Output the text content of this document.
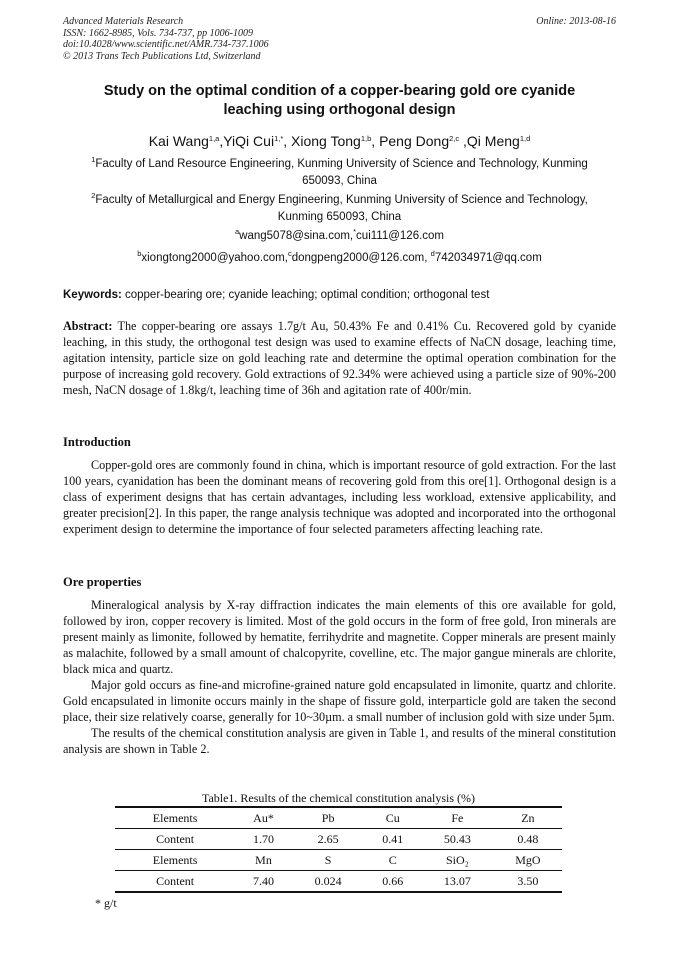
Advanced Materials Research
ISSN: 1662-8985, Vols. 734-737, pp 1006-1009
doi:10.4028/www.scientific.net/AMR.734-737.1006
© 2013 Trans Tech Publications Ltd, Switzerland
Online: 2013-08-16
Study on the optimal condition of a copper-bearing gold ore cyanide
leaching using orthogonal design
Kai Wang$^{1,a}$,YiQi Cui$^{1,*}$, Xiong Tong$^{1,b}$, Peng Dong$^{2,c}$ ,Qi Meng$^{1,d}$
$^1$Faculty of Land Resource Engineering, Kunming University of Science and Technology, Kunming
650093, China
$^2$Faculty of Metallurgical and Energy Engineering, Kunming University of Science and Technology,
Kunming 650093, China
$^a$wang5078@sina.com,*cui111@126.com
$^b$xiongtong2000@yahoo.com,$^c$dongpeng2000@126.com, $^d$742034971@qq.com
Keywords: copper-bearing ore; cyanide leaching; optimal condition; orthogonal test
Abstract: The copper-bearing ore assays 1.7g/t Au, 50.43% Fe and 0.41% Cu. Recovered gold by cyanide leaching, in this study, the orthogonal test design was used to examine effects of NaCN dosage, leaching time, agitation intensity, particle size on gold leaching rate and determine the optimal operation combination for the purpose of increasing gold recovery. Gold extractions of 92.34% were achieved using a particle size of 90%-200 mesh, NaCN dosage of 1.8kg/t, leaching time of 36h and agitation rate of 400r/min.
Introduction

Copper-gold ores are commonly found in china, which is important resource of gold extraction. For the last 100 years, cyanidation has been the dominant means of recovering gold from this ore[1]. Orthogonal design is a class of experiment designs that has certain advantages, including less workload, extensive applicability, and greater precision[2]. In this paper, the range analysis technique was adopted and incorporated into the orthogonal experiment design to determine the importance of four selected parameters affecting leaching rate.

Ore properties

Mineralogical analysis by X-ray diffraction indicates the main elements of this ore available for gold, followed by iron, copper recovery is limited. Most of the gold occurs in the form of free gold, Iron minerals are present mainly as limonite, followed by hematite, ferrihydrite and magnetite. Copper minerals are present mainly as malachite, followed by a small amount of chalcopyrite, covelline, etc. The major gangue minerals are chlorite, black mica and quartz.

Major gold occurs as fine-and microfine-grained nature gold encapsulated in limonite, quartz and chlorite. Gold encapsulated in limonite occurs mainly in the shape of fissure gold, interparticle gold are taken the second place, their size relatively coarse, generally for 10~30µm. a small number of inclusion gold with size under 5µm.

The results of the chemical constitution analysis are given in Table 1, and results of the mineral constitution analysis are shown in Table 2.

Table1. Results of the chemical constitution analysis (%)
Elements	Au*	Pb	Cu	Fe	Zn
Content	1.70	2.65	0.41	50.43	0.48
Elements	Mn	S	C	SiO₂	MgO
Content	7.40	0.024	0.66	13.07	3.50
* g/t
